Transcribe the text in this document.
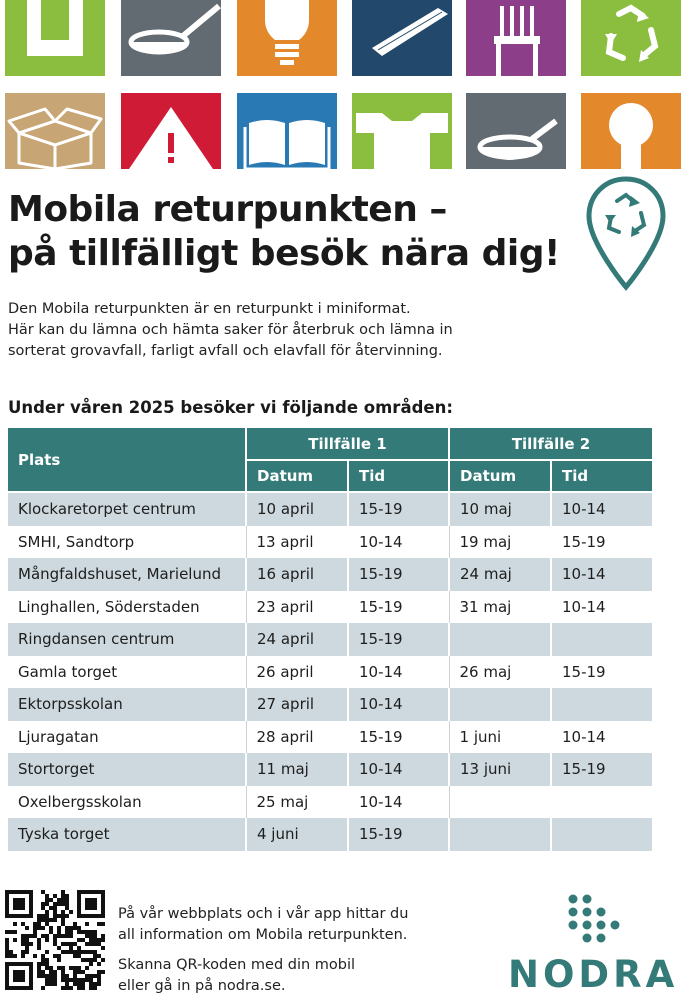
Mobila returpunkten –
på tillfälligt besök nära dig!

Den Mobila returpunkten är en returpunkt i miniformat.
Här kan du lämna och hämta saker för återbruk och lämna in
sorterat grovavfall, farligt avfall och elavfall för återvinning.

Under våren 2025 besöker vi följande områden:
Plats	Tillfälle 1		Tillfälle 2	
	Datum	Tid	Datum	Tid
Klockaretorpet centrum	10 april	15-19	10 maj	10-14
SMHI, Sandtorp	13 april	10-14	19 maj	15-19
Mångfaldshuset, Marielund	16 april	15-19	24 maj	10-14
Linghallen, Söderstaden	23 april	15-19	31 maj	10-14
Ringdansen centrum	24 april	15-19		
Gamla torget	26 april	10-14	26 maj	15-19
Ektorpsskolan	27 april	10-14		
Ljuragatan	28 april	15-19	1 juni	10-14
Stortorget	11 maj	10-14	13 juni	15-19
Oxelbergsskolan	25 maj	10-14		
Tyska torget	4 juni	15-19		

På vår webbplats och i vår app hittar du
all information om Mobila returpunkten.

Skanna QR-koden med din mobil
eller gå in på nodra.se.	NODRA
